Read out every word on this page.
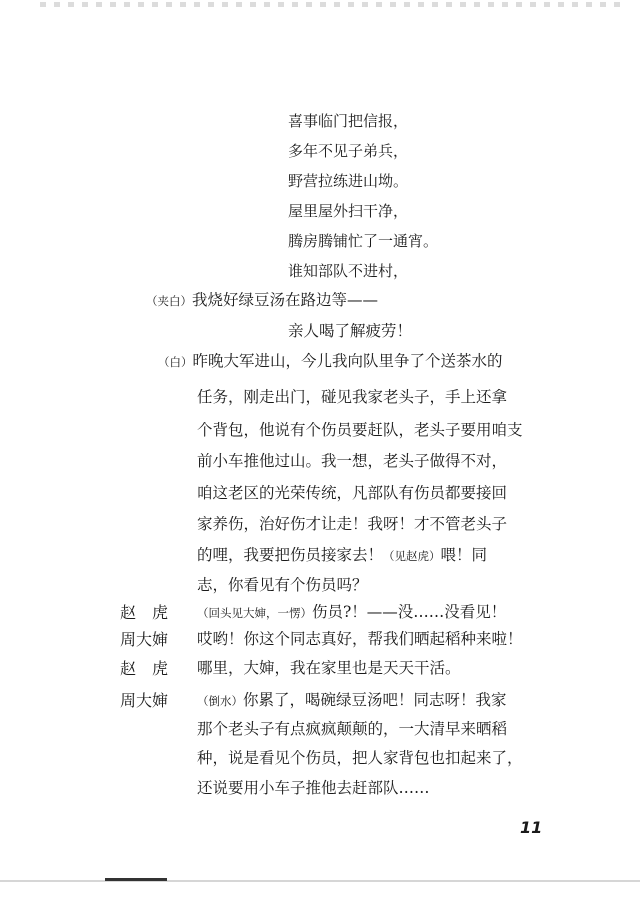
喜事临门把信报，
多年不见子弟兵，
野营拉练进山坳。
屋里屋外扫干净，
腾房腾铺忙了一通宵。
谁知部队不进村，
（夹白）我烧好绿豆汤在路边等——
亲人喝了解疲劳！
（白）昨晚大军进山，今儿我向队里争了个送茶水的
任务，刚走出门，碰见我家老头子，手上还拿
个背包，他说有个伤员要赶队，老头子要用咱支
前小车推他过山。我一想，老头子做得不对，
咱这老区的光荣传统，凡部队有伤员都要接回
家养伤，治好伤才让走！我呀！才不管老头子
的哩，我要把伤员接家去！（见赵虎）喂！同
志，你看见有个伤员吗？
赵　虎	（回头见大婶，一愣）伤员?！——没……没看见！
周大婶 哎哟！你这个同志真好，帮我们晒起稻种来啦！
赵　虎 哪里，大婶，我在家里也是天天干活。
周大婶	（倒水）你累了，喝碗绿豆汤吧！同志呀！我家
那个老头子有点疯疯颠颠的，一大清早来晒稻
种，说是看见个伤员，把人家背包也扣起来了，
还说要用小车子推他去赶部队……
11
